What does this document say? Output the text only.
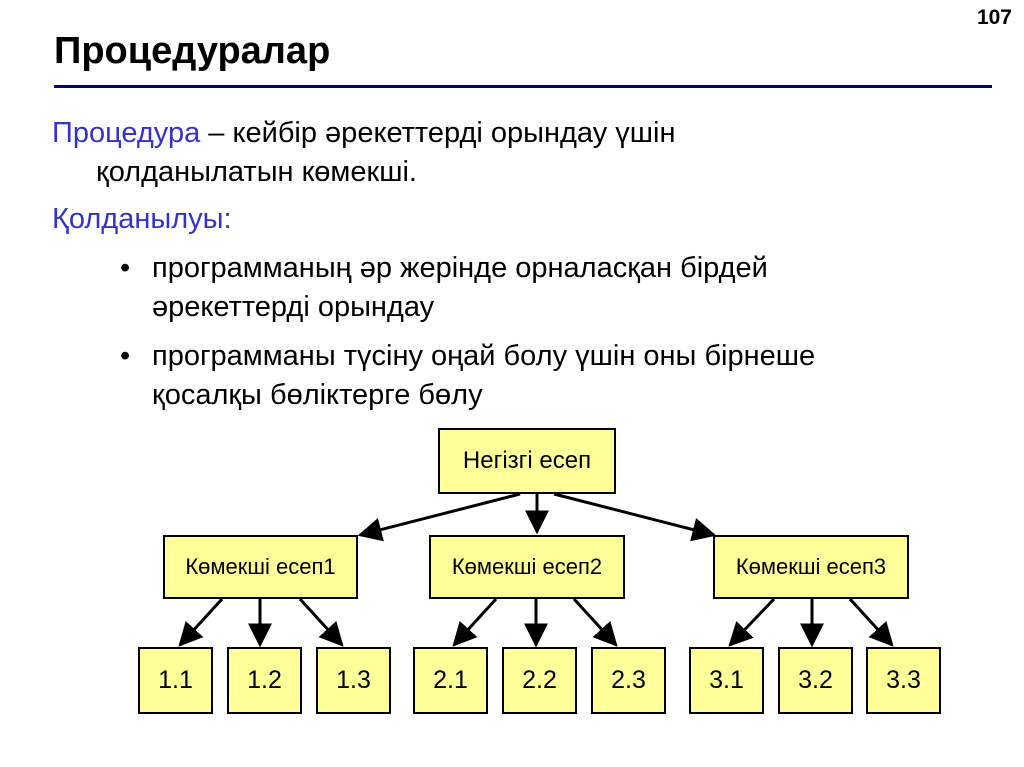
107
Процедуралар
Процедура – кейбір әрекеттерді орындау үшін
қолданылатын көмекші.
Қолданылуы:
• программаның әр жерінде орналасқан бірдей
әрекеттерді орындау
• программаны түсіну оңай болу үшін оны бірнеше
қосалқы бөліктерге бөлу
Негізгі есеп
Көмекші есеп1	Көмекші есеп2	Көмекші есеп3
1.1	1.2	1.3	2.1	2.2	2.3	3.1	3.2	3.3
